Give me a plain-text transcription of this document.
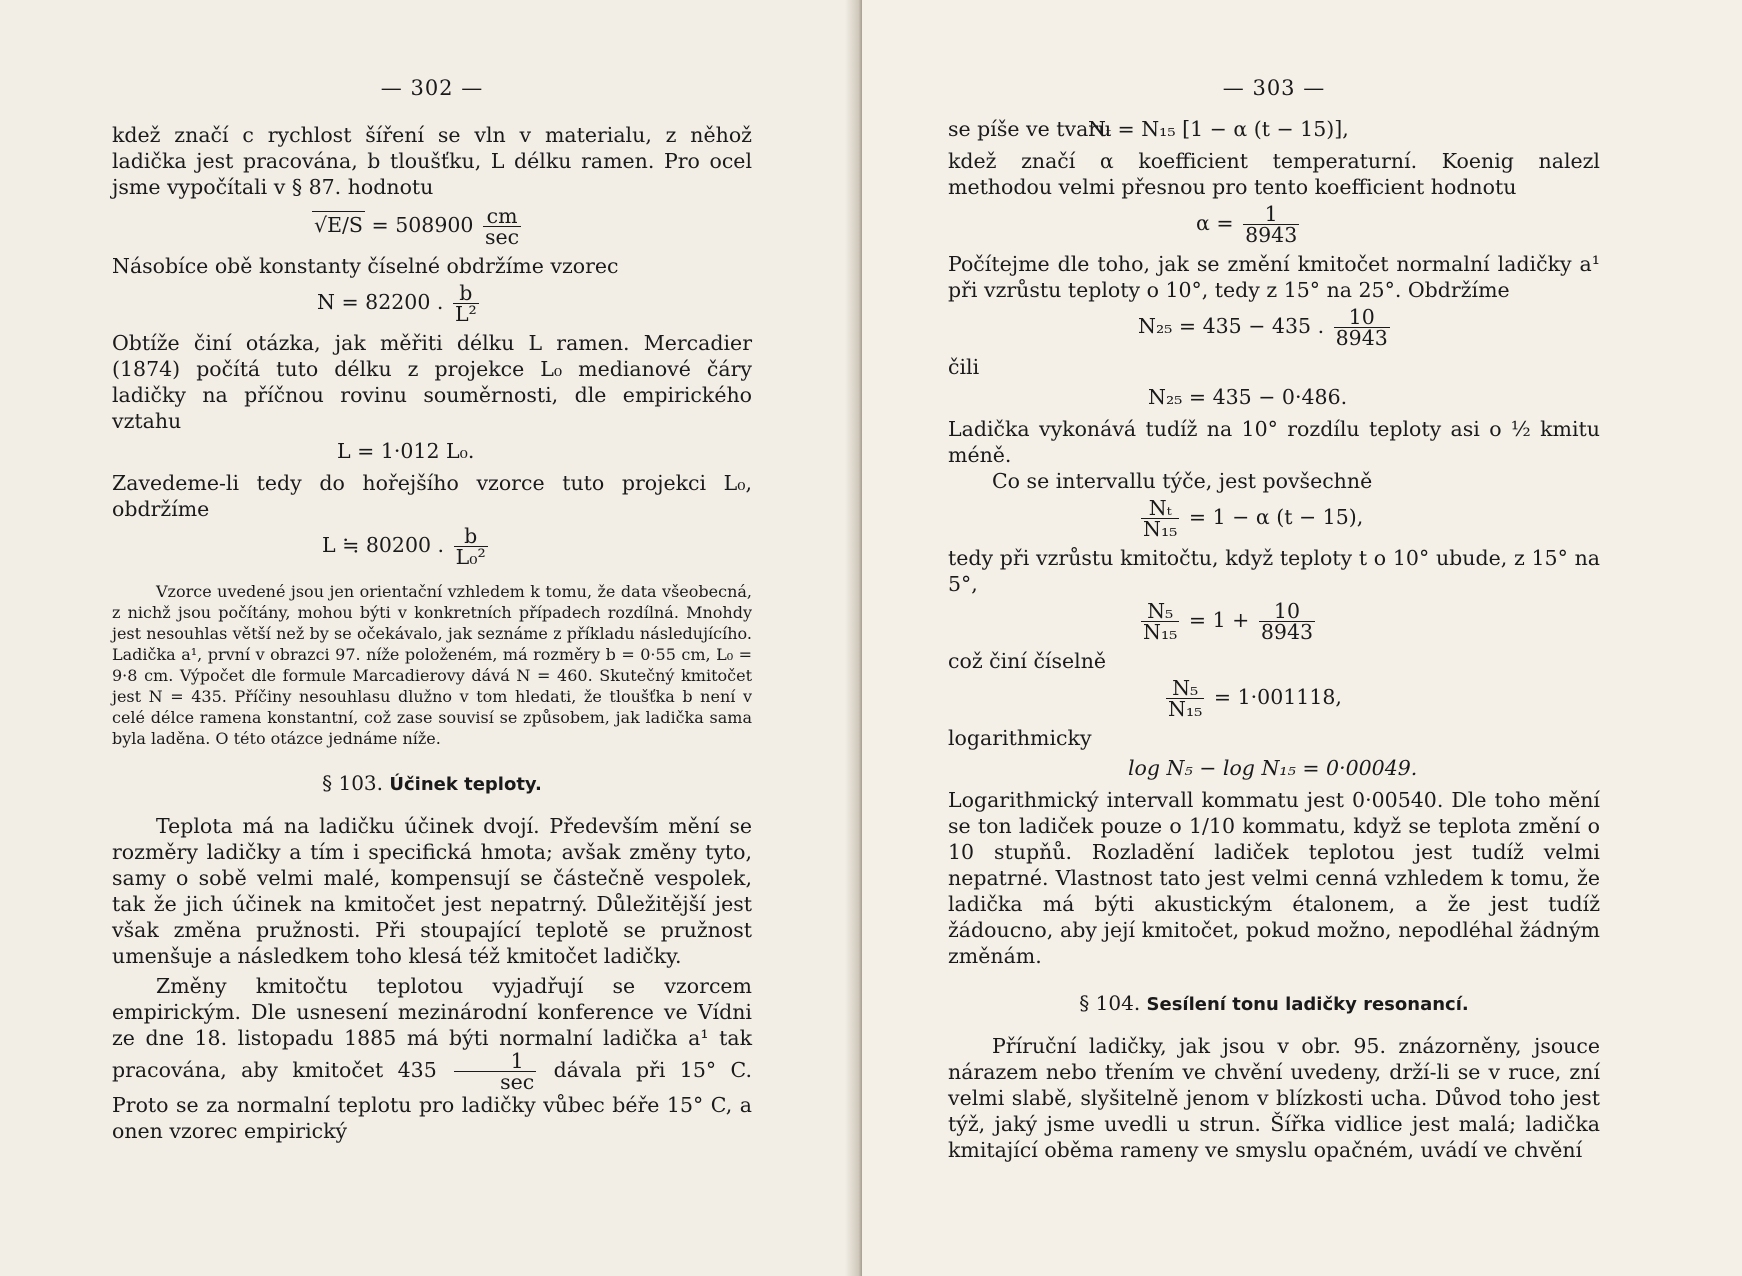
— 302 —

kdež značí c rychlost šíření se vln v materialu, z něhož ladička jest pracována, b tloušťku, L délku ramen. Pro ocel jsme vypočítali v § 87. hodnotu

$√E/S = 508900 \frac{cm}{\sec}$

Násobíce obě konstanty číselné obdržíme vzorec

N = 82200 . $\frac{b}{\text{L²}}$

Obtíže činí otázka, jak měřiti délku L ramen. Mercadier (1874) počítá tuto délku z projekce L₀ medianové čáry ladičky na příčnou rovinu souměrnosti, dle empirického vztahu

L = 1·012 L₀.

Zavedeme-li tedy do hořejšího vzorce tuto projekci L₀, obdržíme

L ≒ 80200 . $\frac{b}{\text{L₀²}}$

Vzorce uvedené jsou jen orientační vzhledem k tomu, že data všeobecná, z nichž jsou počítány, mohou býti v konkretních případech rozdílná. Mnohdy jest nesouhlas větší než by se očekávalo, jak seznáme z příkladu následujícího. Ladička a¹, první v obrazci 97. níže položeném, má rozměry b = 0·55 cm, L₀ = 9·8 cm. Výpočet dle formule Marcadierovy dává N = 460. Skutečný kmitočet jest N = 435. Příčiny nesouhlasu dlužno v tom hledati, že tloušťka b není v celé délce ramena konstantní, což zase souvisí se způsobem, jak ladička sama byla laděna. O této otázce jednáme níže.

§ 103. Účinek teploty.

Teplota má na ladičku účinek dvojí. Především mění se rozměry ladičky a tím i specifická hmota; avšak změny tyto, samy o sobě velmi malé, kompensují se částečně vespolek, tak že jich účinek na kmitočet jest nepatrný. Důležitější jest však změna pružnosti. Při stoupající teplotě se pružnost umenšuje a následkem toho klesá též kmitočet ladičky.

Změny kmitočtu teplotou vyjadřují se vzorcem empirickým. Dle usnesení mezinárodní konference ve Vídni ze dne 18. listopadu 1885 má býti normalní ladička a¹ tak pracována, aby kmitočet $435 \frac{1}{\sec}$ dávala při 15° C. Proto se za normalní teplotu pro ladičky vůbec béře 15° C, a onen vzorec empirický

— 303 —

se píše ve tvaru

Nₜ = N₁₅ [1 − α (t − 15)],

kdež značí α koefficient temperaturní. Koenig nalezl methodou velmi přesnou pro tento koefficient hodnotu

$\alpha = \frac{1}{8943}$

Počítejme dle toho, jak se změní kmitočet normalní ladičky a¹ při vzrůstu teploty o 10°, tedy z 15° na 25°. Obdržíme

N₂₅ = 435 − 435 . $\frac{10}{8943}$

čili

N₂₅ = 435 − 0·486.

Ladička vykonává tudíž na 10° rozdílu teploty asi o ½ kmitu méně.

Co se intervallu týče, jest povšechně

$\frac{\text{Nₜ}}{\text{N₁₅}} = 1 - \alpha$ (t − 15),

tedy při vzrůstu kmitočtu, když teploty t o 10° ubude, z 15° na 5°,

$\frac{\text{N₅}}{\text{N₁₅}} = 1 + \frac{10}{8943}$

což činí číselně

$\frac{\text{N₅}}{\text{N₁₅}} = 1\cdot 001118$,

logarithmicky

log N₅ − log N₁₅ = 0·00049.

Logarithmický intervall kommatu jest 0·00540. Dle toho mění se ton ladiček pouze o 1/10 kommatu, když se teplota změní o 10 stupňů. Rozladění ladiček teplotou jest tudíž velmi nepatrné. Vlastnost tato jest velmi cenná vzhledem k tomu, že ladička má býti akustickým étalonem, a že jest tudíž žádoucno, aby její kmitočet, pokud možno, nepodléhal žádným změnám.

§ 104. Sesílení tonu ladičky resonancí.

Příruční ladičky, jak jsou v obr. 95. znázorněny, jsouce nárazem nebo třením ve chvění uvedeny, drží-li se v ruce, zní velmi slabě, slyšitelně jenom v blízkosti ucha. Důvod toho jest týž, jaký jsme uvedli u strun. Šířka vidlice jest malá; ladička kmitající oběma rameny ve smyslu opačném, uvádí ve chvění
